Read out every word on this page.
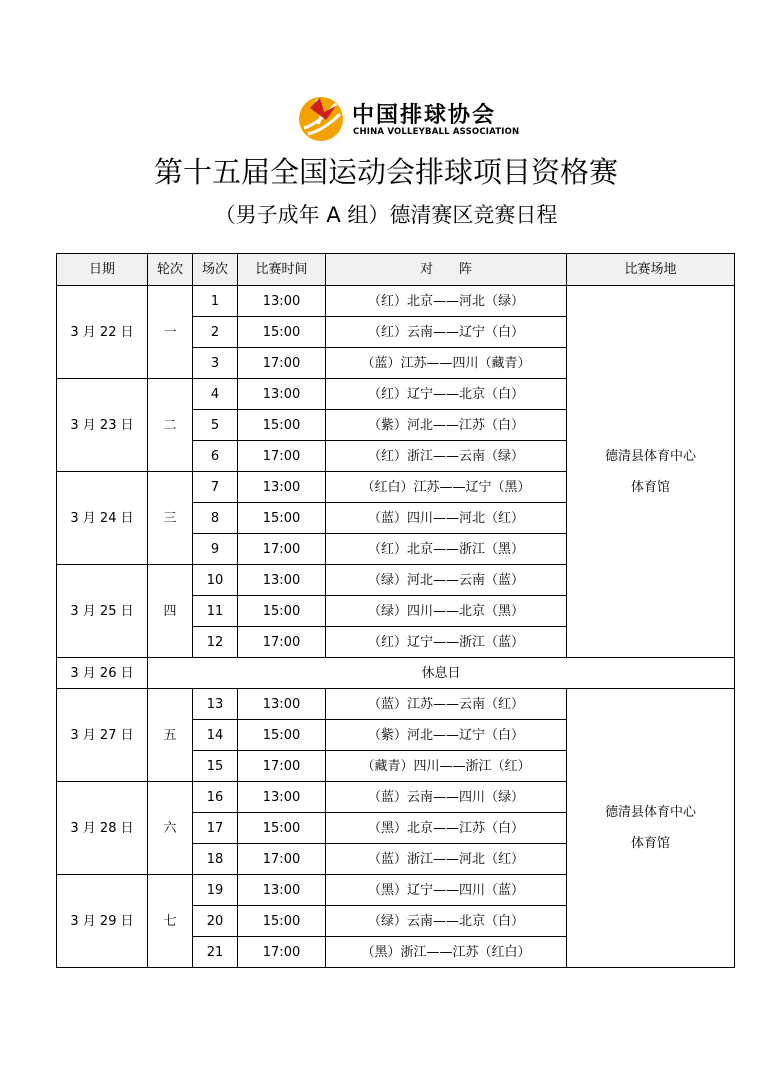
中国排球协会
CHINA VOLLEYBALL ASSOCIATION
第十五届全国运动会排球项目资格赛
（男子成年 A 组）德清赛区竞赛日程
日期	轮次	场次	比赛时间	对　　阵	比赛场地
3 月 22 日	一	1	13:00	（红）北京——河北（绿）	德清县体育中心
体育馆
		2	15:00	（红）云南——辽宁（白）	
		3	17:00	（蓝）江苏——四川（藏青）	
3 月 23 日	二	4	13:00	（红）辽宁——北京（白）	
		5	15:00	（紫）河北——江苏（白）	
		6	17:00	（红）浙江——云南（绿）	
3 月 24 日	三	7	13:00	（红白）江苏——辽宁（黑）	
		8	15:00	（蓝）四川——河北（红）	
		9	17:00	（红）北京——浙江（黑）	
3 月 25 日	四	10	13:00	（绿）河北——云南（蓝）	
		11	15:00	（绿）四川——北京（黑）	
		12	17:00	（红）辽宁——浙江（蓝）	
3 月 26 日	休息日				
3 月 27 日	五	13	13:00	（蓝）江苏——云南（红）	德清县体育中心
体育馆
		14	15:00	（紫）河北——辽宁（白）	
		15	17:00	（藏青）四川——浙江（红）	
3 月 28 日	六	16	13:00	（蓝）云南——四川（绿）	
		17	15:00	（黑）北京——江苏（白）	
		18	17:00	（蓝）浙江——河北（红）	
3 月 29 日	七	19	13:00	（黑）辽宁——四川（蓝）	
		20	15:00	（绿）云南——北京（白）	
		21	17:00	（黑）浙江——江苏（红白）	
